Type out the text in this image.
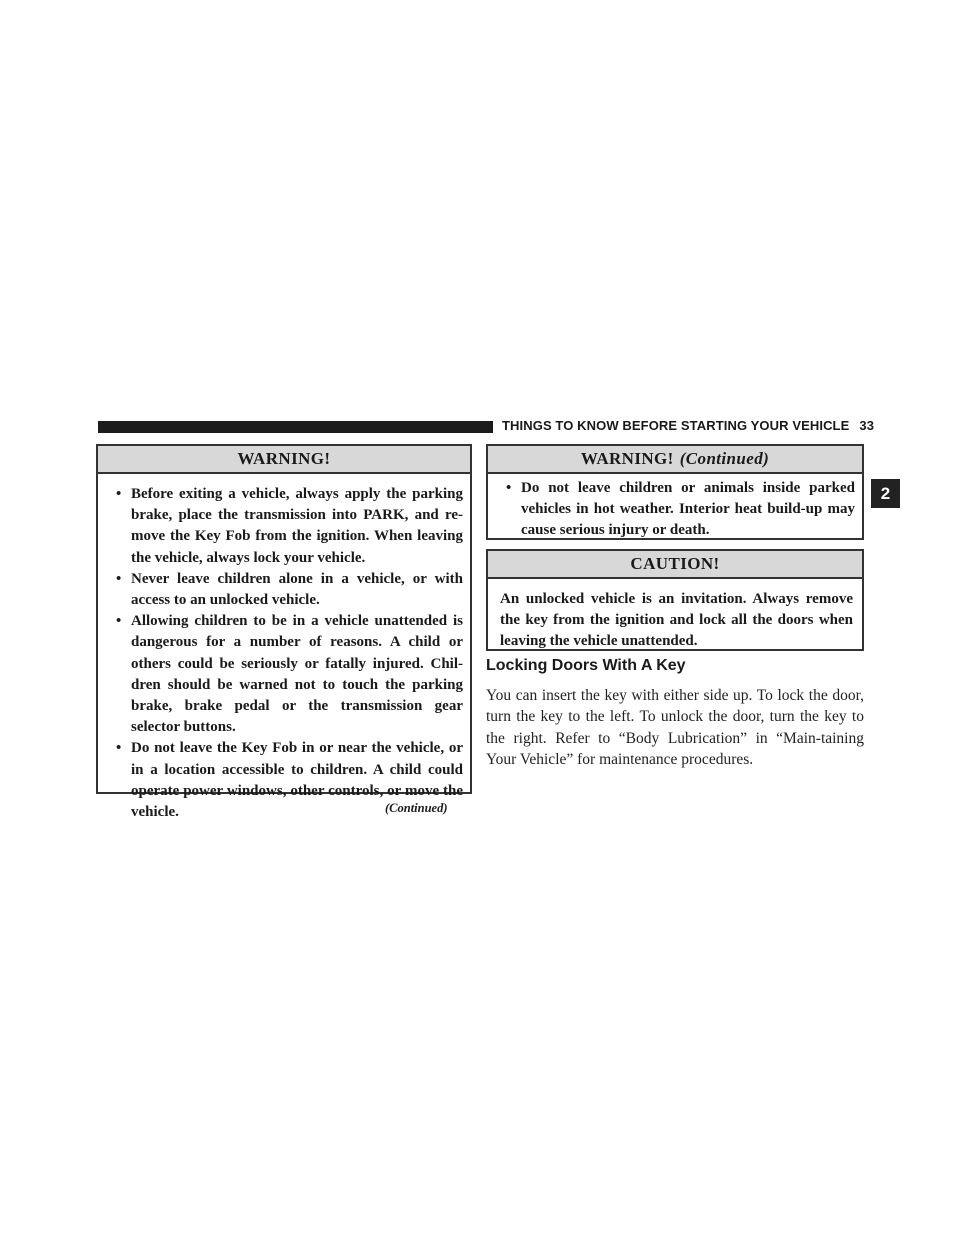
THINGS TO KNOW BEFORE STARTING YOUR VEHICLE 33
2
WARNING!
• Before exiting a vehicle, always apply the parking brake, place the transmission into PARK, and re-move the Key Fob from the ignition. When leaving the vehicle, always lock your vehicle.
• Never leave children alone in a vehicle, or with access to an unlocked vehicle.
• Allowing children to be in a vehicle unattended is dangerous for a number of reasons. A child or others could be seriously or fatally injured. Chil-dren should be warned not to touch the parking brake, brake pedal or the transmission gear selector buttons.
• Do not leave the Key Fob in or near the vehicle, or in a location accessible to children. A child could operate power windows, other controls, or move the vehicle.	(Continued)
WARNING! (Continued)
• Do not leave children or animals inside parked vehicles in hot weather. Interior heat build-up may cause serious injury or death.
CAUTION!
An unlocked vehicle is an invitation. Always remove the key from the ignition and lock all the doors when leaving the vehicle unattended.
Locking Doors With A Key
You can insert the key with either side up. To lock the door, turn the key to the left. To unlock the door, turn the key to the right. Refer to “Body Lubrication” in “Main-taining Your Vehicle” for maintenance procedures.
